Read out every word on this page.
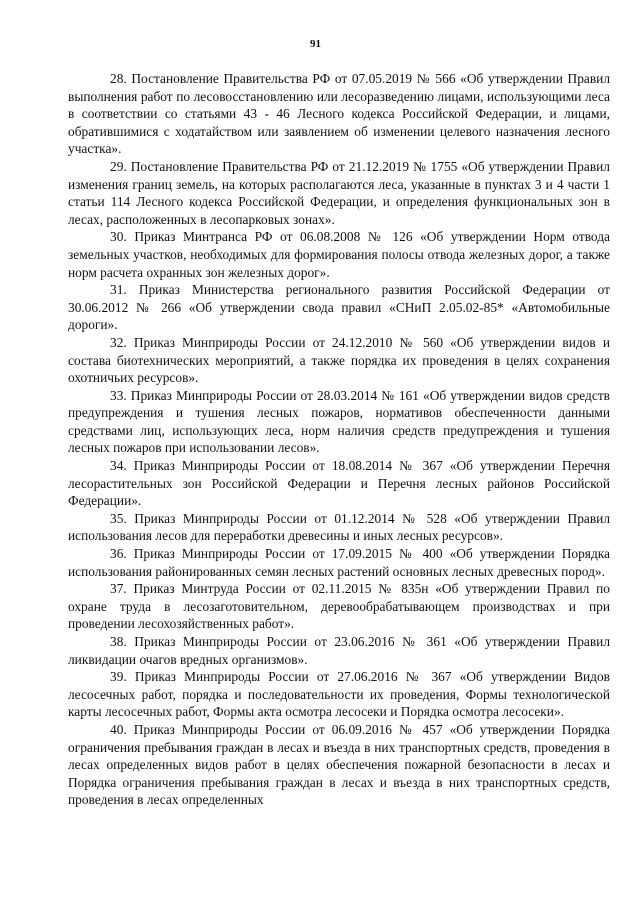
91

28. Постановление Правительства РФ от 07.05.2019 № 566 «Об утверждении Правил выполнения работ по лесовосстановлению или лесоразведению лицами, использующими леса в соответствии со статьями 43 - 46 Лесного кодекса Российской Федерации, и лицами, обратившимися с ходатайством или заявлением об изменении целевого назначения лесного участка».

29. Постановление Правительства РФ от 21.12.2019 № 1755 «Об утверждении Правил изменения границ земель, на которых располагаются леса, указанные в пунктах 3 и 4 части 1 статьи 114 Лесного кодекса Российской Федерации, и определения функциональных зон в лесах, расположенных в лесопарковых зонах».

30. Приказ Минтранса РФ от 06.08.2008 № 126 «Об утверждении Норм отвода земельных участков, необходимых для формирования полосы отвода железных дорог, а также норм расчета охранных зон железных дорог».

31. Приказ Министерства регионального развития Российской Федерации от 30.06.2012 № 266 «Об утверждении свода правил «СНиП 2.05.02-85* «Автомобильные дороги».

32. Приказ Минприроды России от 24.12.2010 № 560 «Об утверждении видов и состава биотехнических мероприятий, а также порядка их проведения в целях сохранения охотничьих ресурсов».

33. Приказ Минприроды России от 28.03.2014 № 161 «Об утверждении видов средств предупреждения и тушения лесных пожаров, нормативов обеспеченности данными средствами лиц, использующих леса, норм наличия средств предупреждения и тушения лесных пожаров при использовании лесов».

34. Приказ Минприроды России от 18.08.2014 № 367 «Об утверждении Перечня лесорастительных зон Российской Федерации и Перечня лесных районов Российской Федерации».

35. Приказ Минприроды России от 01.12.2014 № 528 «Об утверждении Правил использования лесов для переработки древесины и иных лесных ресурсов».

36. Приказ Минприроды России от 17.09.2015 № 400 «Об утверждении Порядка использования районированных семян лесных растений основных лесных древесных пород».

37. Приказ Минтруда России от 02.11.2015 № 835н «Об утверждении Правил по охране труда в лесозаготовительном, деревообрабатывающем производствах и при проведении лесохозяйственных работ».

38. Приказ Минприроды России от 23.06.2016 № 361 «Об утверждении Правил ликвидации очагов вредных организмов».

39. Приказ Минприроды России от 27.06.2016 № 367 «Об утверждении Видов лесосечных работ, порядка и последовательности их проведения, Формы технологической карты лесосечных работ, Формы акта осмотра лесосеки и Порядка осмотра лесосеки».

40. Приказ Минприроды России от 06.09.2016 № 457 «Об утверждении Порядка ограничения пребывания граждан в лесах и въезда в них транспортных средств, проведения в лесах определенных видов работ в целях обеспечения пожарной безопасности в лесах и Порядка ограничения пребывания граждан в лесах и въезда в них транспортных средств, проведения в лесах определенных
